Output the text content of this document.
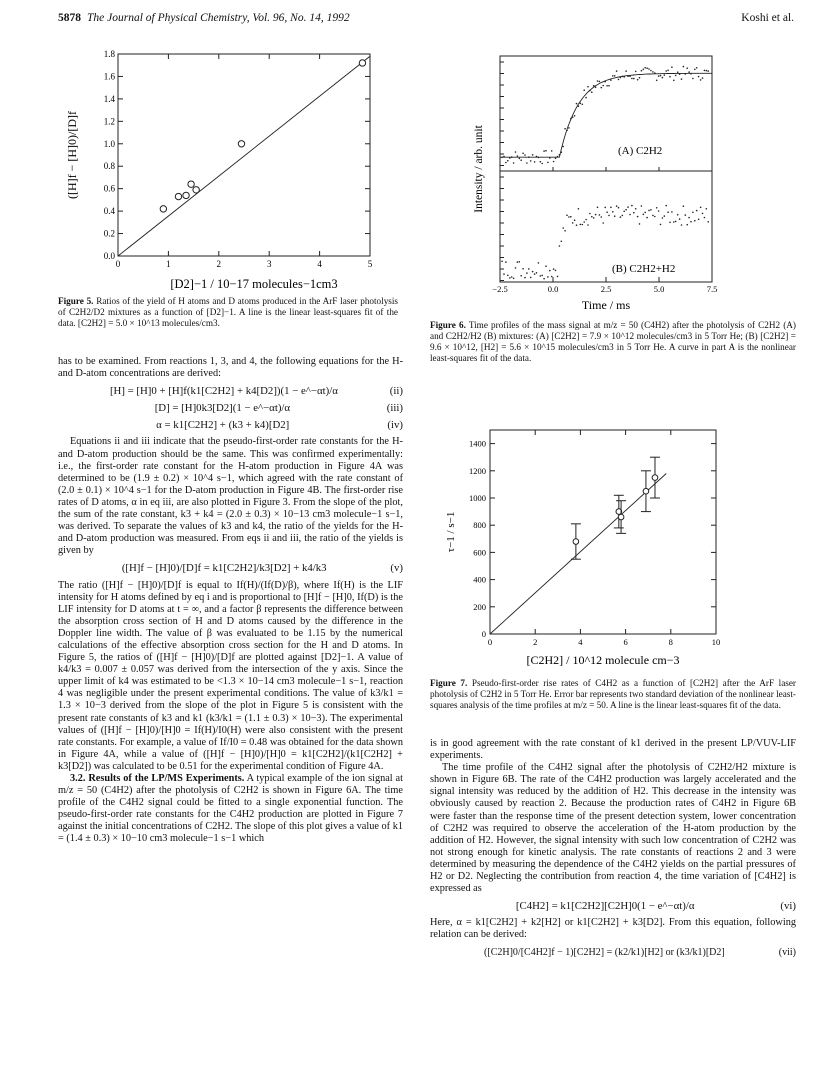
5878 The Journal of Physical Chemistry, Vol. 96, No. 14, 1992	Koshi et al.
0.0
0.2
0.4
0.6
0.8
1.0
1.2
1.4
1.6
1.8
0	1	2	3	4	5
[D2]−1 / 10−17 molecules−1cm3
([H]f − [H]0)/[D]f
Figure 5. Ratios of the yield of H atoms and D atoms produced in the ArF laser photolysis of C2H2/D2 mixtures as a function of [D2]−1. A line is the linear least-squares fit of the data. [C2H2] = 5.0 × 10^13 molecules/cm3.
−2.5	0.0	2.5	5.0	7.5
(A) C2H2
(B) C2H2+H2
Time / ms
Intensity / arb. unit
Figure 6. Time profiles of the mass signal at m/z = 50 (C4H2) after the photolysis of C2H2 (A) and C2H2/H2 (B) mixtures: (A) [C2H2] = 7.9 × 10^12 molecules/cm3 in 5 Torr He; (B) [C2H2] = 9.6 × 10^12, [H2] = 5.6 × 10^15 molecules/cm3 in 5 Torr He. A curve in part A is the nonlinear least-squares fit of the data.
0
200
400
600
800
1000
1200
1400
0	2	4	6	8	10
[C2H2] / 10^12 molecule cm−3
τ−1 / s−1
Figure 7. Pseudo-first-order rise rates of C4H2 as a function of [C2H2] after the ArF laser photolysis of C2H2 in 5 Torr He. Error bar represents two standard deviation of the nonlinear least-squares analysis of the time profiles at m/z = 50. A line is the linear least-squares fit of the data.

has to be examined. From reactions 1, 3, and 4, the following equations for the H- and D-atom concentrations are derived:

[H] = [H]0 + [H]f(k1[C2H2] + k4[D2])(1 − e^−αt)/α	(ii)
[D] = [H]0k3[D2](1 − e^−αt)/α	(iii)
α = k1[C2H2] + (k3 + k4)[D2]	(iv)

Equations ii and iii indicate that the pseudo-first-order rate constants for the H- and D-atom production should be the same. This was confirmed experimentally: i.e., the first-order rate constant for the H-atom production in Figure 4A was determined to be (1.9 ± 0.2) × 10^4 s−1, which agreed with the rate constant of (2.0 ± 0.1) × 10^4 s−1 for the D-atom production in Figure 4B. The first-order rise rates of D atoms, α in eq iii, are also plotted in Figure 3. From the slope of the plot, the sum of the rate constant, k3 + k4 = (2.0 ± 0.3) × 10−13 cm3 molecule−1 s−1, was derived. To separate the values of k3 and k4, the ratio of the yields for the H- and D-atom production was measured. From eqs ii and iii, the ratio of the yields is given by

([H]f − [H]0)/[D]f = k1[C2H2]/k3[D2] + k4/k3	(v)

The ratio ([H]f − [H]0)/[D]f is equal to If(H)/(If(D)/β), where If(H) is the LIF intensity for H atoms defined by eq i and is proportional to [H]f − [H]0, If(D) is the LIF intensity for D atoms at t = ∞, and a factor β represents the difference between the absorption cross section of H and D atoms caused by the difference in the Doppler line width. The value of β was evaluated to be 1.15 by the numerical calculations of the effective absorption cross section for the H and D atoms. In Figure 5, the ratios of ([H]f − [H]0)/[D]f are plotted against [D2]−1. A value of k4/k3 = 0.007 ± 0.057 was derived from the intersection of the y axis. Since the upper limit of k4 was estimated to be <1.3 × 10−14 cm3 molecule−1 s−1, reaction 4 was negligible under the present experimental conditions. The value of k3/k1 = 1.3 × 10−3 derived from the slope of the plot in Figure 5 is consistent with the present rate constants of k3 and k1 (k3/k1 = (1.1 ± 0.3) × 10−3). The experimental values of ([H]f − [H]0)/[H]0 = If(H)/I0(H) were also consistent with the present rate constants. For example, a value of If/I0 = 0.48 was obtained for the data shown in Figure 4A, while a value of ([H]f − [H]0)/[H]0 = k1[C2H2]/(k1[C2H2] + k3[D2]) was calculated to be 0.51 for the experimental condition of Figure 4A.

3.2. Results of the LP/MS Experiments. A typical example of the ion signal at m/z = 50 (C4H2) after the photolysis of C2H2 is shown in Figure 6A. The time profile of the C4H2 signal could be fitted to a single exponential function. The pseudo-first-order rate constants for the C4H2 production are plotted in Figure 7 against the initial concentrations of C2H2. The slope of this plot gives a value of k1 = (1.4 ± 0.3) × 10−10 cm3 molecule−1 s−1 which

is in good agreement with the rate constant of k1 derived in the present LP/VUV-LIF experiments.

The time profile of the C4H2 signal after the photolysis of C2H2/H2 mixture is shown in Figure 6B. The rate of the C4H2 production was largely accelerated and the signal intensity was reduced by the addition of H2. This decrease in the intensity was obviously caused by reaction 2. Because the production rates of C4H2 in Figure 6B were faster than the response time of the present detection system, lower concentration of C2H2 was required to observe the acceleration of the H-atom production by the addition of H2. However, the signal intensity with such low concentration of C2H2 was not strong enough for kinetic analysis. The rate constants of reactions 2 and 3 were determined by measuring the dependence of the C4H2 yields on the partial pressures of H2 or D2. Neglecting the contribution from reaction 4, the time variation of [C4H2] is expressed as

[C4H2] = k1[C2H2][C2H]0(1 − e^−αt)/α	(vi)

Here, α = k1[C2H2] + k2[H2] or k1[C2H2] + k3[D2]. From this equation, following relation can be derived:

([C2H]0/[C4H2]f − 1)[C2H2] = (k2/k1)[H2] or (k3/k1)[D2]	(vii)
